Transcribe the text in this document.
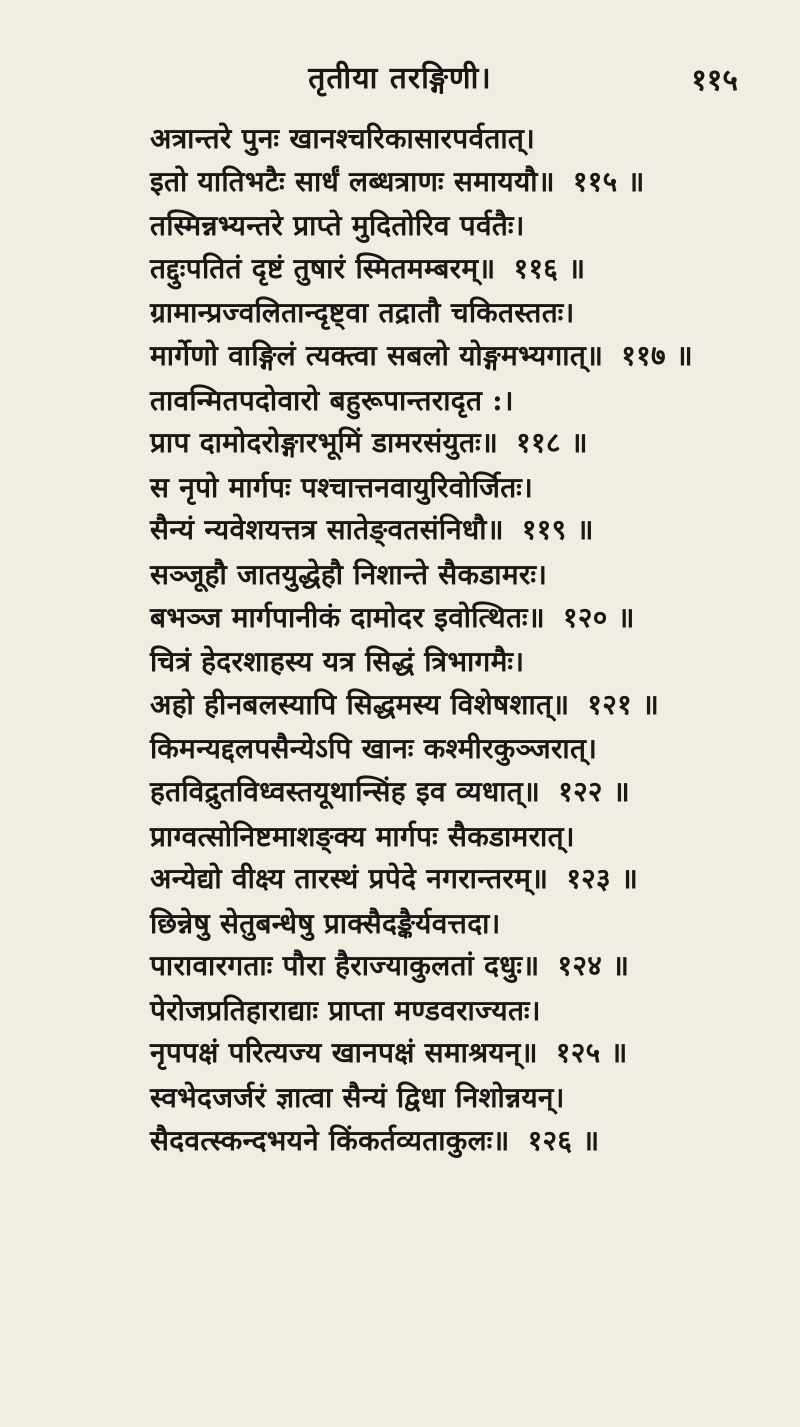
तृतीया तरङ्गिणी।	११५
अत्रान्तरे पुनः खानश्चरिकासारपर्वतात्।
इतो यातिभटैः सार्धं लब्धत्राणः समाययौ॥ ११५ ॥
तस्मिन्नभ्यन्तरे प्राप्ते मुदितोरिव पर्वतैः।
तद्दुःपतितं दृष्टं तुषारं स्मितमम्बरम्॥ ११६ ॥
ग्रामान्प्रज्वलितान्दृष्ट्वा तद्रातौ चकितस्ततः।
मार्गेणो वाङ्गिलं त्यक्त्वा सबलो योङ्गमभ्यगात्॥ ११७ ॥
तावन्मितपदोवारो बहुरूपान्तरादृत :।
प्राप दामोदरोङ्गारभूमिं डामरसंयुतः॥ ११८ ॥
स नृपो मार्गपः पश्चात्तनवायुरिवोर्जितः।
सैन्यं न्यवेशयत्तत्र सातेङ्वतसंनिधौ॥ ११९ ॥
सञ्जूहौ जातयुद्धेहौ निशान्ते सैकडामरः।
बभञ्ज मार्गपानीकं दामोदर इवोत्थितः॥ १२० ॥
चित्रं हेदरशाहस्य यत्र सिद्धं त्रिभागमैः।
अहो हीनबलस्यापि सिद्धमस्य विशेषशात्॥ १२१ ॥
किमन्यद्दलपसैन्येऽपि खानः कश्मीरकुञ्जरात्।
हतविद्रुतविध्वस्तयूथान्सिंह इव व्यधात्॥ १२२ ॥
प्राग्वत्सोनिष्टमाशङ्क्य मार्गपः सैकडामरात्।
अन्येद्यो वीक्ष्य तारस्थं प्रपेदे नगरान्तरम्॥ १२३ ॥
छिन्नेषु सेतुबन्धेषु प्राक्सैदङ्कैर्यवत्तदा।
पारावारगताः पौरा हैराज्याकुलतां दधुः॥ १२४ ॥
पेरोजप्रतिहाराद्याः प्राप्ता मण्डवराज्यतः।
नृपपक्षं परित्यज्य खानपक्षं समाश्रयन्॥ १२५ ॥
स्वभेदजर्जरं ज्ञात्वा सैन्यं द्विधा निशोन्नयन्।
सैदवत्स्कन्दभयने किंकर्तव्यताकुलः॥ १२६ ॥
